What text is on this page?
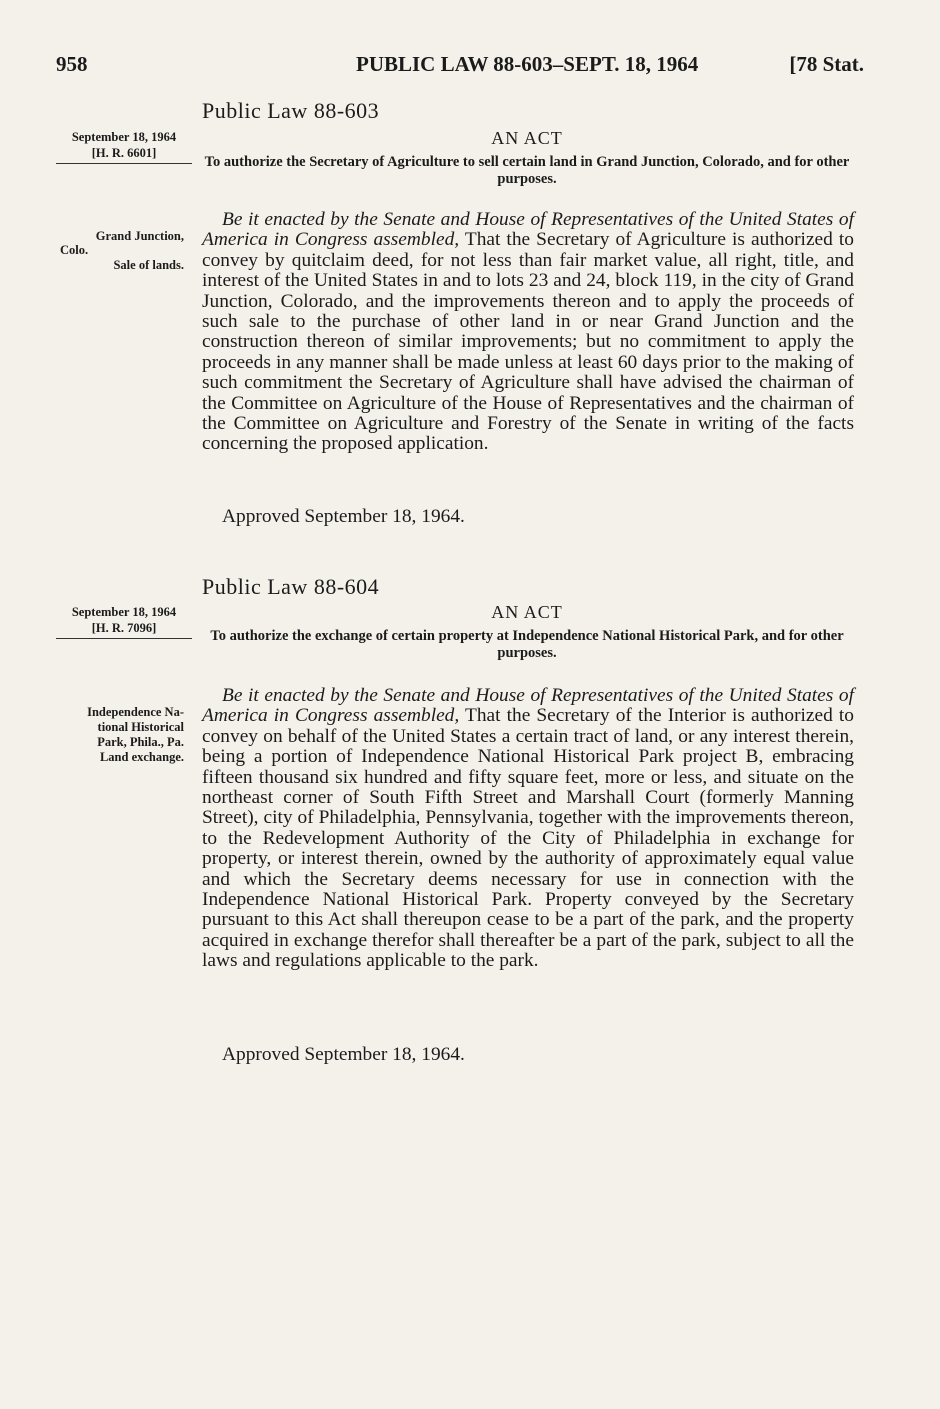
958	PUBLIC LAW 88-603–SEPT. 18, 1964	[78 Stat.
Public Law 88-603
September 18, 1964
[H. R. 6601]
AN ACT
To authorize the Secretary of Agriculture to sell certain land in Grand Junction, Colorado, and for other purposes.
Grand Junction,
Colo.
Sale of lands.

Be it enacted by the Senate and House of Representatives of the United States of America in Congress assembled, That the Secretary of Agriculture is authorized to convey by quitclaim deed, for not less than fair market value, all right, title, and interest of the United States in and to lots 23 and 24, block 119, in the city of Grand Junction, Colorado, and the improvements thereon and to apply the proceeds of such sale to the purchase of other land in or near Grand Junction and the construction thereon of similar improvements; but no commitment to apply the proceeds in any manner shall be made unless at least 60 days prior to the making of such commitment the Secretary of Agriculture shall have advised the chairman of the Committee on Agriculture of the House of Representatives and the chairman of the Committee on Agriculture and Forestry of the Senate in writing of the facts concerning the proposed application.

Approved September 18, 1964.
Public Law 88-604
September 18, 1964
[H. R. 7096]
AN ACT
To authorize the exchange of certain property at Independence National Historical Park, and for other purposes.
Independence Na-
tional Historical
Park, Phila., Pa.
Land exchange.

Be it enacted by the Senate and House of Representatives of the United States of America in Congress assembled, That the Secretary of the Interior is authorized to convey on behalf of the United States a certain tract of land, or any interest therein, being a portion of Independence National Historical Park project B, embracing fifteen thousand six hundred and fifty square feet, more or less, and situate on the northeast corner of South Fifth Street and Marshall Court (formerly Manning Street), city of Philadelphia, Pennsylvania, together with the improvements thereon, to the Redevelopment Authority of the City of Philadelphia in exchange for property, or interest therein, owned by the authority of approximately equal value and which the Secretary deems necessary for use in connection with the Independence National Historical Park. Property conveyed by the Secretary pursuant to this Act shall thereupon cease to be a part of the park, and the property acquired in exchange therefor shall thereafter be a part of the park, subject to all the laws and regulations applicable to the park.

Approved September 18, 1964.
